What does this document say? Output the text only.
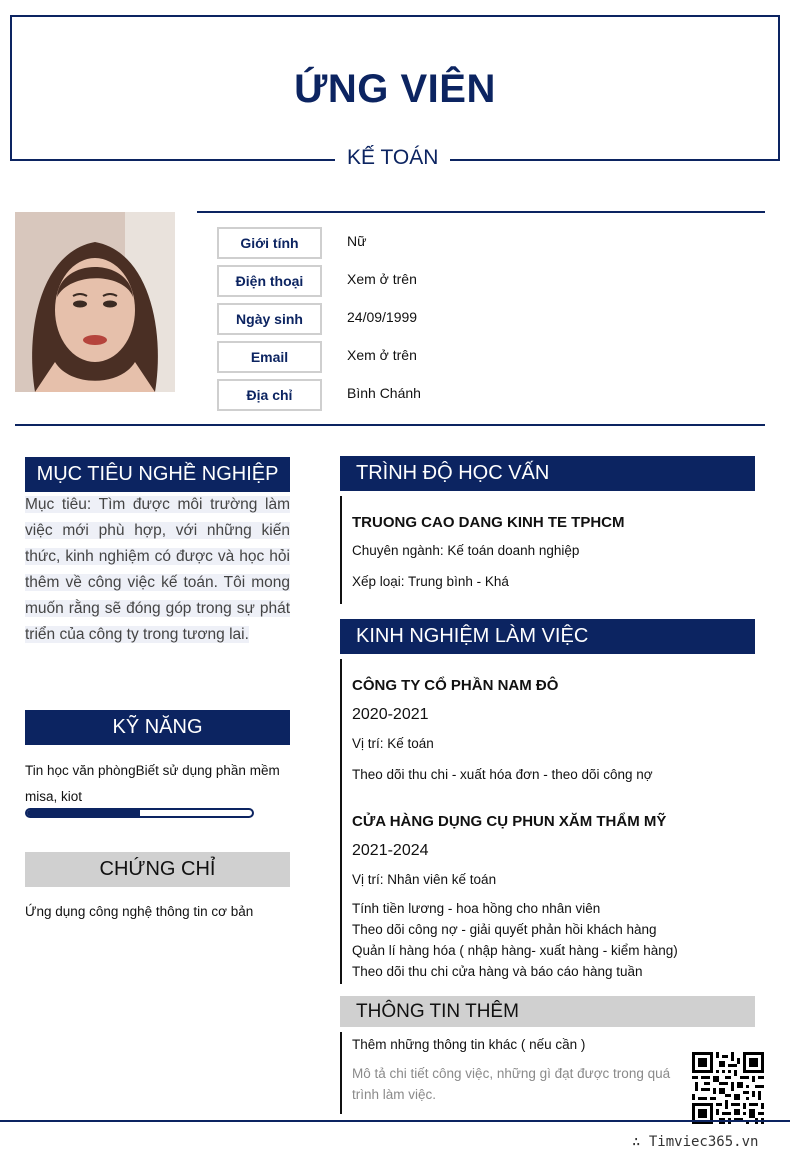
ỨNG VIÊN
KẾ TOÁN
Giới tính	Nữ
Điện thoại	Xem ở trên
Ngày sinh	24/09/1999
Email	Xem ở trên
Địa chỉ	Bình Chánh
MỤC TIÊU NGHỀ NGHIỆP
Mục tiêu: Tìm được môi trường làm việc mới phù hợp, với những kiến thức, kinh nghiệm có được và học hỏi thêm về công việc kế toán. Tôi mong muốn rằng sẽ đóng góp trong sự phát triển của công ty trong tương lai.
KỸ NĂNG
Tin học văn phòngBiết sử dụng phần mềm
misa, kiot
CHỨNG CHỈ
Ứng dụng công nghệ thông tin cơ bản
TRÌNH ĐỘ HỌC VẤN
TRUONG CAO DANG KINH TE TPHCM
Chuyên ngành: Kế toán doanh nghiệp
Xếp loại: Trung bình - Khá
KINH NGHIỆM LÀM VIỆC
CÔNG TY CỔ PHẦN NAM ĐÔ
2020-2021
Vị trí: Kế toán
Theo dõi thu chi - xuất hóa đơn - theo dõi công nợ
CỬA HÀNG DỤNG CỤ PHUN XĂM THẨM MỸ
2021-2024
Vị trí: Nhân viên kế toán
Tính tiền lương - hoa hồng cho nhân viên
Theo dõi công nợ - giải quyết phản hồi khách hàng
Quản lí hàng hóa ( nhập hàng- xuất hàng - kiểm hàng)
Theo dõi thu chi cửa hàng và báo cáo hàng tuần
THÔNG TIN THÊM
Thêm những thông tin khác ( nếu cần )
Mô tả chi tiết công việc, những gì đạt được trong quá trình làm việc.
∴ Timviec365.vn
